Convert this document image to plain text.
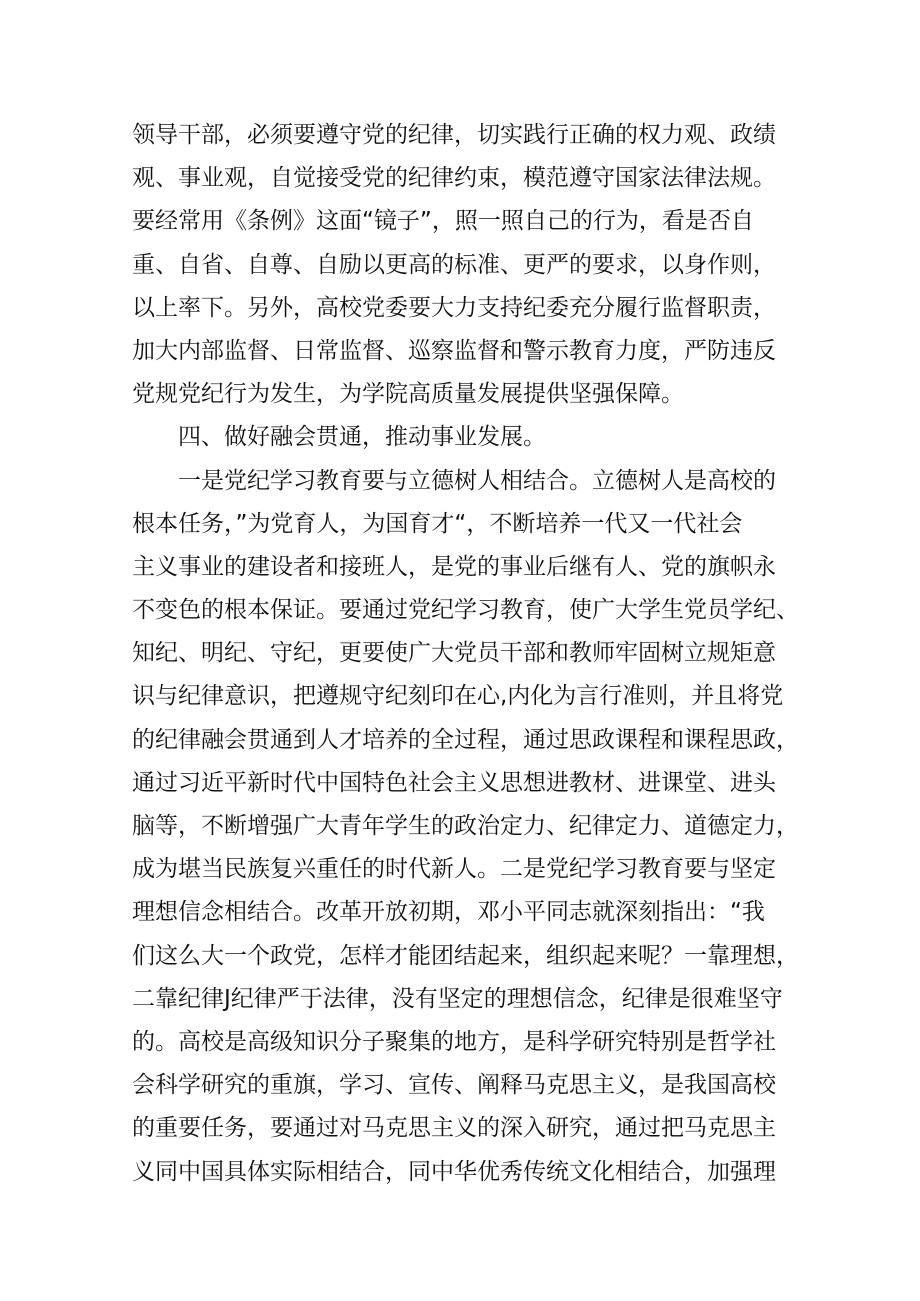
领导干部，必须要遵守党的纪律，切实践行正确的权力观、政绩
观、事业观，自觉接受党的纪律约束，模范遵守国家法律法规。
要经常用《条例》这面“镜子”，照一照自己的行为，看是否自
重、自省、自尊、自励以更高的标准、更严的要求，以身作则，
以上率下。另外，高校党委要大力支持纪委充分履行监督职责，
加大内部监督、日常监督、巡察监督和警示教育力度，严防违反
党规党纪行为发生，为学院高质量发展提供坚强保障。
四、做好融会贯通，推动事业发展。
一是党纪学习教育要与立德树人相结合。立德树人是高校的
根本任务，”为党育人，为国育才“，不断培养一代又一代社会
主义事业的建设者和接班人，是党的事业后继有人、党的旗帜永
不变色的根本保证。要通过党纪学习教育，使广大学生党员学纪、
知纪、明纪、守纪，更要使广大党员干部和教师牢固树立规矩意
识与纪律意识，把遵规守纪刻印在心,内化为言行准则，并且将党
的纪律融会贯通到人才培养的全过程，通过思政课程和课程思政，
通过习近平新时代中国特色社会主义思想进教材、进课堂、进头
脑等，不断增强广大青年学生的政治定力、纪律定力、道德定力，
成为堪当民族复兴重任的时代新人。二是党纪学习教育要与坚定
理想信念相结合。改革开放初期，邓小平同志就深刻指出：“我
们这么大一个政党，怎样才能团结起来，组织起来呢？一靠理想，
二靠纪律J纪律严于法律，没有坚定的理想信念，纪律是很难坚守
的。高校是高级知识分子聚集的地方，是科学研究特别是哲学社
会科学研究的重旗，学习、宣传、阐释马克思主义，是我国高校
的重要任务，要通过对马克思主义的深入研究，通过把马克思主
义同中国具体实际相结合，同中华优秀传统文化相结合，加强理
